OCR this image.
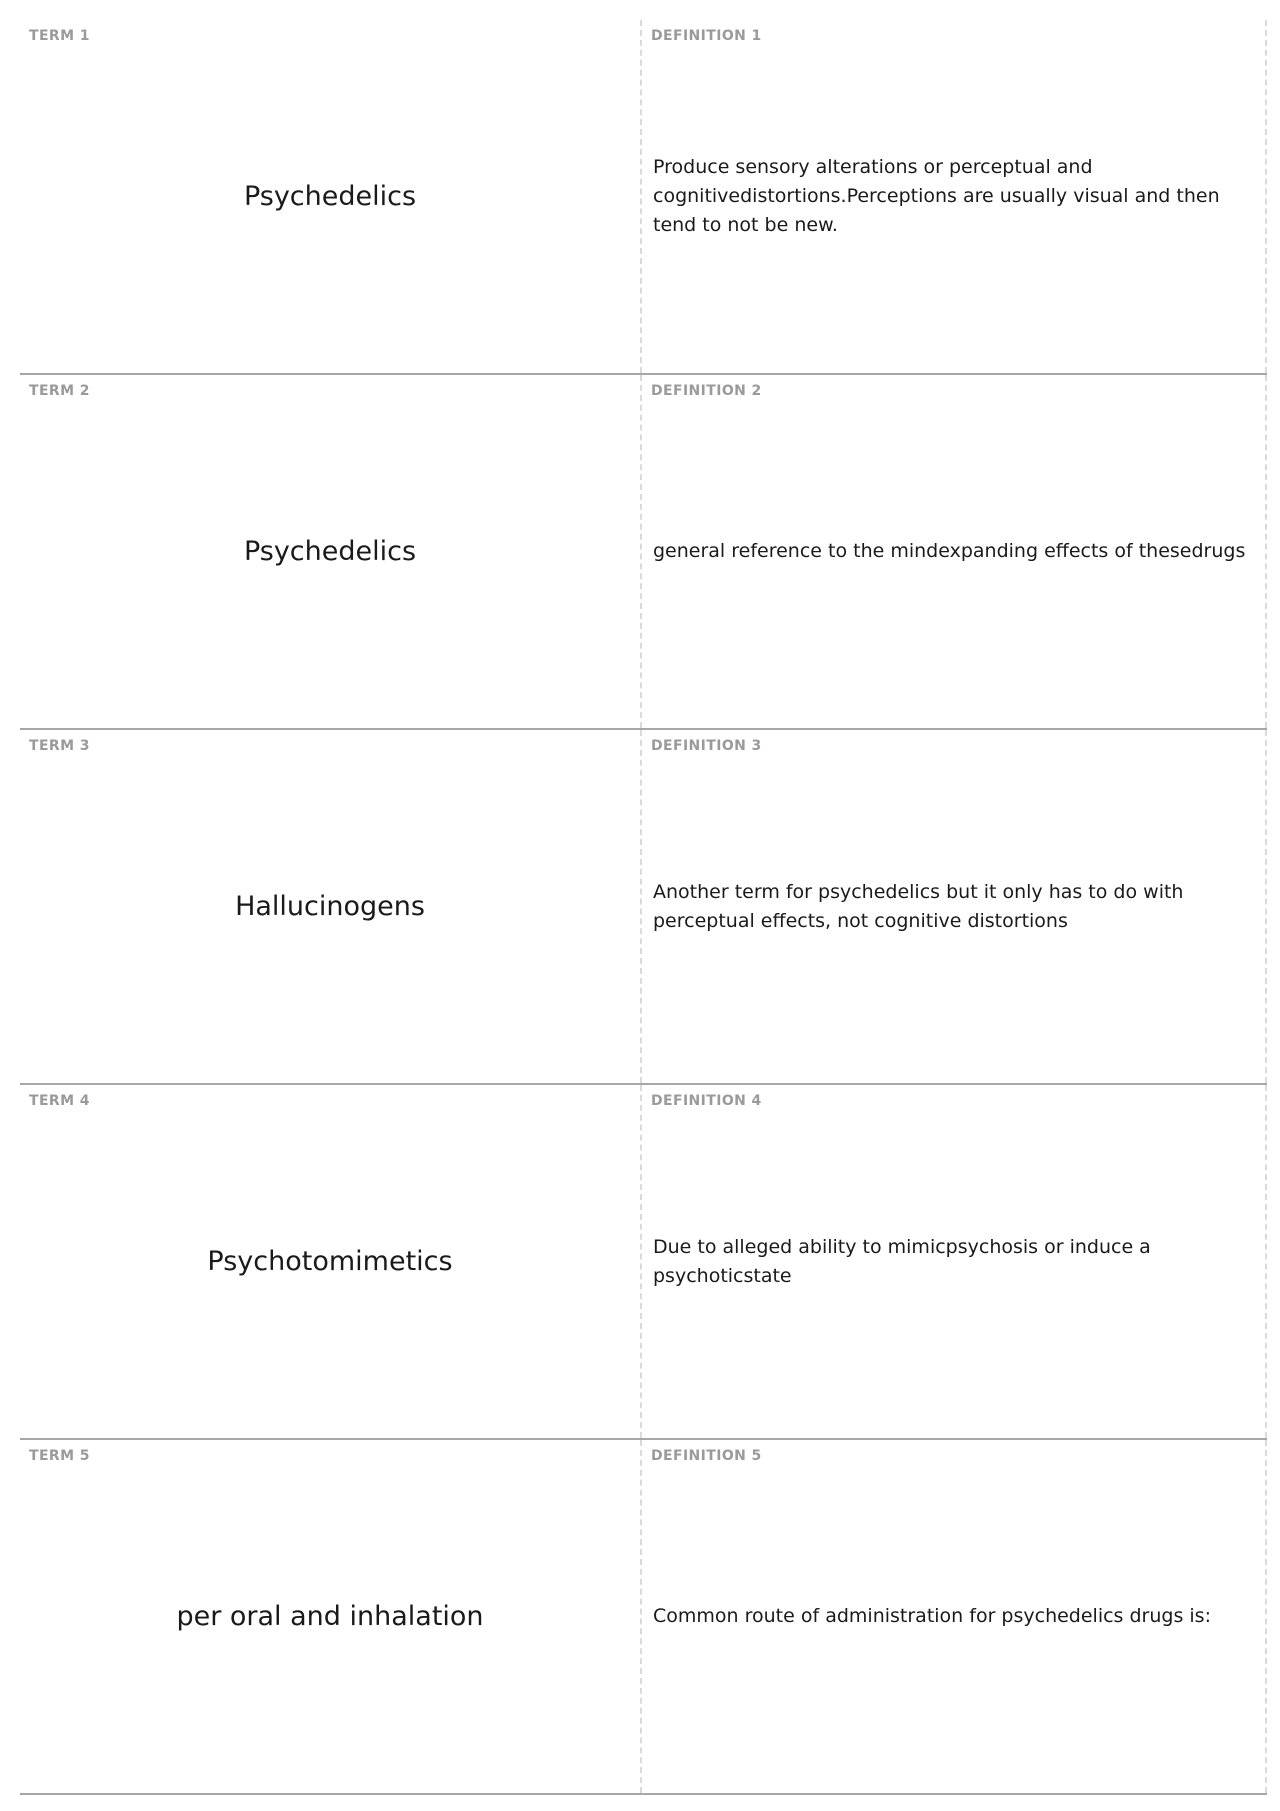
TERM 1
Psychedelics
DEFINITION 1
Produce sensory alterations or perceptual and cognitivedistortions.Perceptions are usually visual and then tend to not be new.
TERM 2
Psychedelics
DEFINITION 2
general reference to the mindexpanding effects of thesedrugs
TERM 3
Hallucinogens
DEFINITION 3
Another term for psychedelics but it only has to do with perceptual effects, not cognitive distortions
TERM 4
Psychotomimetics
DEFINITION 4
Due to alleged ability to mimicpsychosis or induce a psychoticstate
TERM 5
per oral and inhalation
DEFINITION 5
Common route of administration for psychedelics drugs is:
